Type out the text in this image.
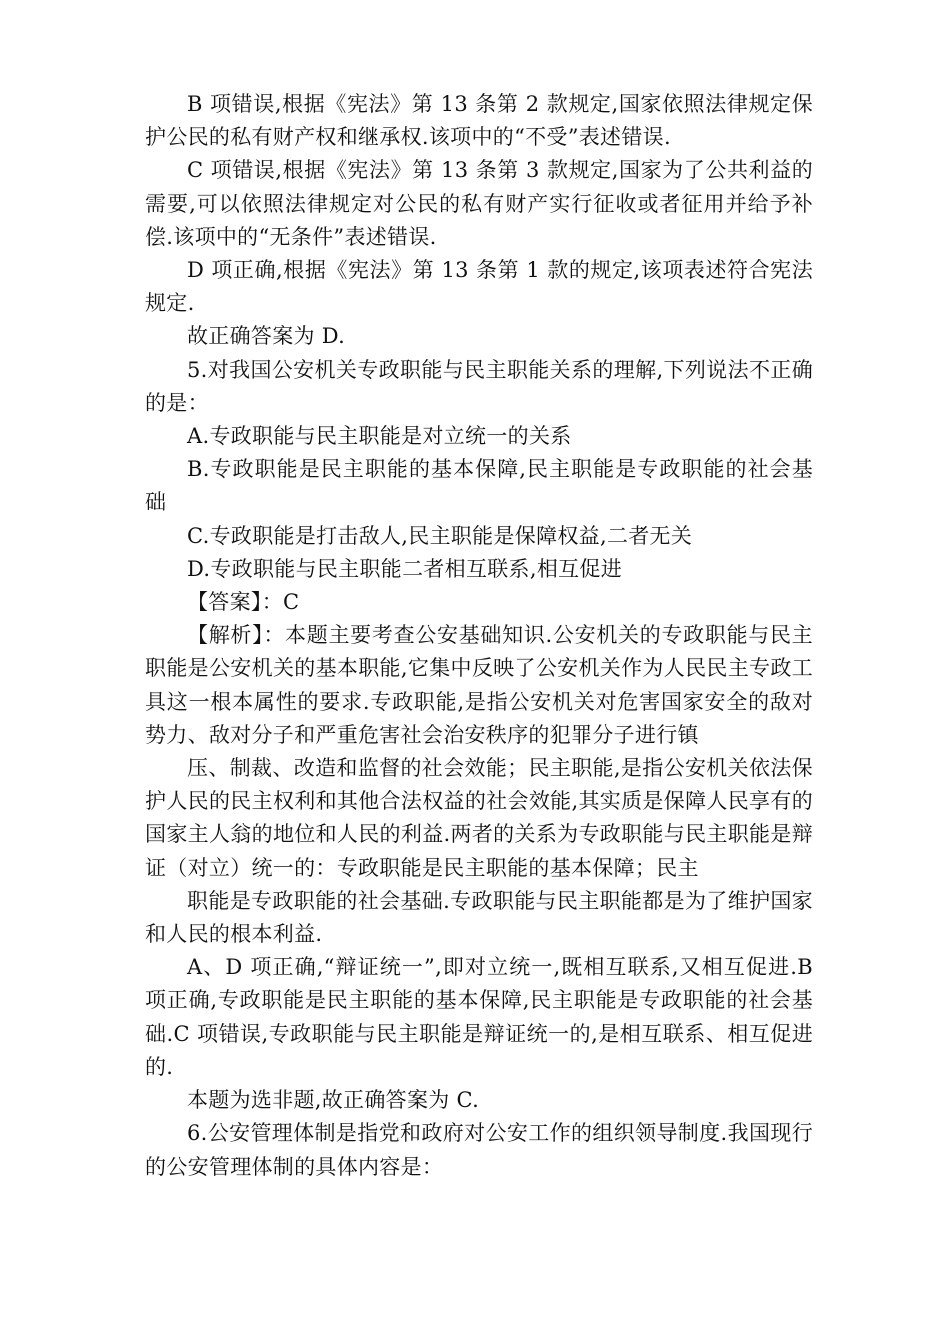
B 项错误,根据《宪法》第 13 条第 2 款规定,国家依照法律规定保护公民的私有财产权和继承权.该项中的“不受”表述错误.

C 项错误,根据《宪法》第 13 条第 3 款规定,国家为了公共利益的需要,可以依照法律规定对公民的私有财产实行征收或者征用并给予补偿.该项中的“无条件”表述错误.

D 项正确,根据《宪法》第 13 条第 1 款的规定,该项表述符合宪法规定.

故正确答案为 D.

5.对我国公安机关专政职能与民主职能关系的理解,下列说法不正确的是：

A.专政职能与民主职能是对立统一的关系

B.专政职能是民主职能的基本保障,民主职能是专政职能的社会基础

C.专政职能是打击敌人,民主职能是保障权益,二者无关

D.专政职能与民主职能二者相互联系,相互促进

【答案】：C

【解析】：本题主要考查公安基础知识.公安机关的专政职能与民主职能是公安机关的基本职能,它集中反映了公安机关作为人民民主专政工具这一根本属性的要求.专政职能,是指公安机关对危害国家安全的敌对势力、敌对分子和严重危害社会治安秩序的犯罪分子进行镇

压、制裁、改造和监督的社会效能；民主职能,是指公安机关依法保护人民的民主权利和其他合法权益的社会效能,其实质是保障人民享有的国家主人翁的地位和人民的利益.两者的关系为专政职能与民主职能是辩证（对立）统一的：专政职能是民主职能的基本保障；民主

职能是专政职能的社会基础.专政职能与民主职能都是为了维护国家和人民的根本利益.

A、D 项正确,“辩证统一”,即对立统一,既相互联系,又相互促进.B 项正确,专政职能是民主职能的基本保障,民主职能是专政职能的社会基础.C 项错误,专政职能与民主职能是辩证统一的,是相互联系、相互促进的.

本题为选非题,故正确答案为 C.

6.公安管理体制是指党和政府对公安工作的组织领导制度.我国现行的公安管理体制的具体内容是：
